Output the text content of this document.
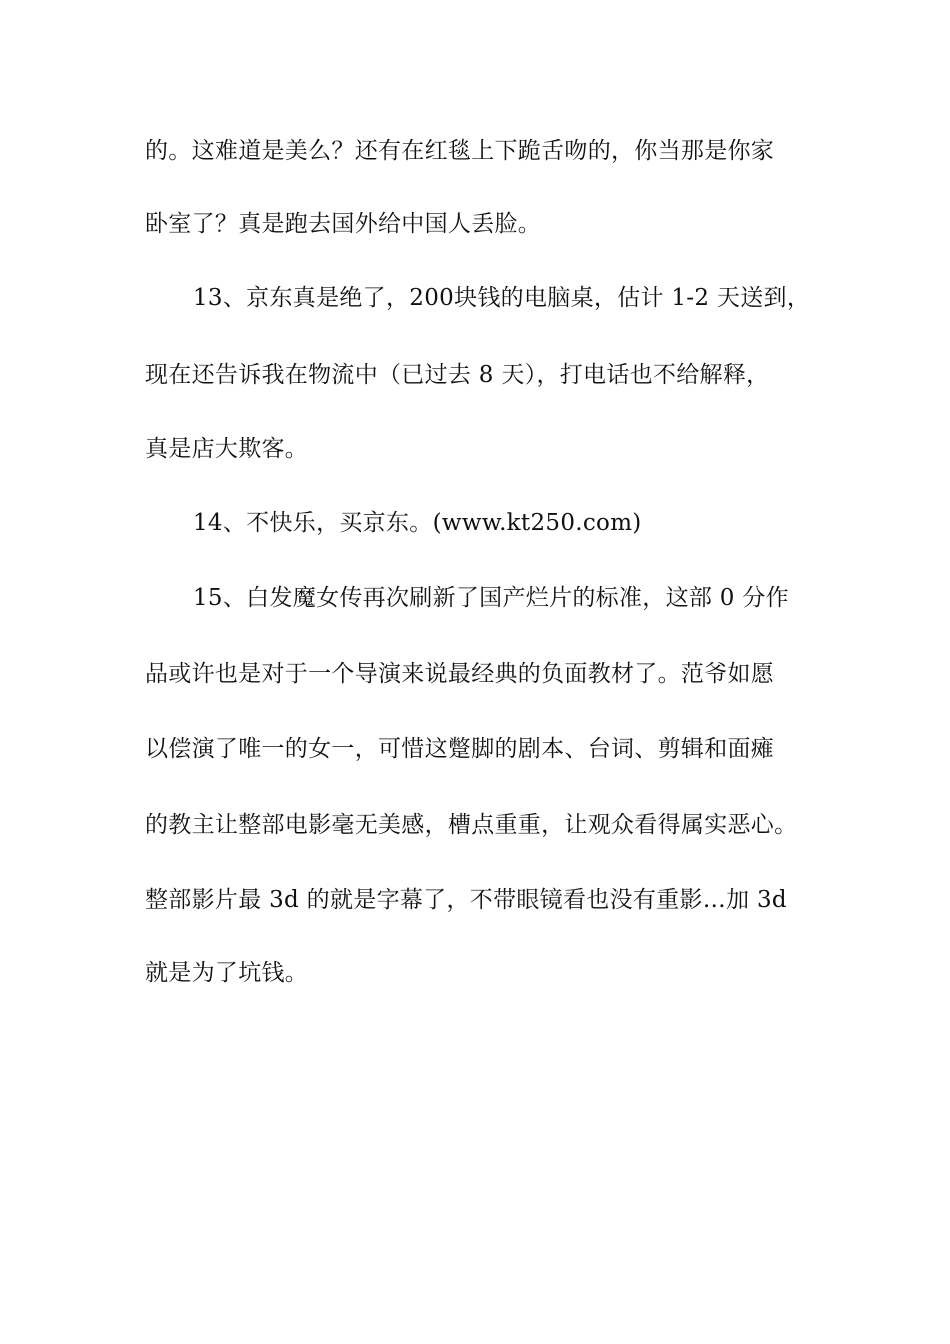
的。这难道是美么？还有在红毯上下跪舌吻的，你当那是你家
卧室了？真是跑去国外给中国人丢脸。
13、京东真是绝了，200块钱的电脑桌，估计 1-2 天送到，
现在还告诉我在物流中（已过去 8 天），打电话也不给解释，
真是店大欺客。
14、不快乐，买京东。(www.kt250.com)
15、白发魔女传再次刷新了国产烂片的标准，这部 0 分作
品或许也是对于一个导演来说最经典的负面教材了。范爷如愿
以偿演了唯一的女一，可惜这蹩脚的剧本、台词、剪辑和面瘫
的教主让整部电影毫无美感，槽点重重，让观众看得属实恶心。
整部影片最 3d 的就是字幕了，不带眼镜看也没有重影…加 3d
就是为了坑钱。
